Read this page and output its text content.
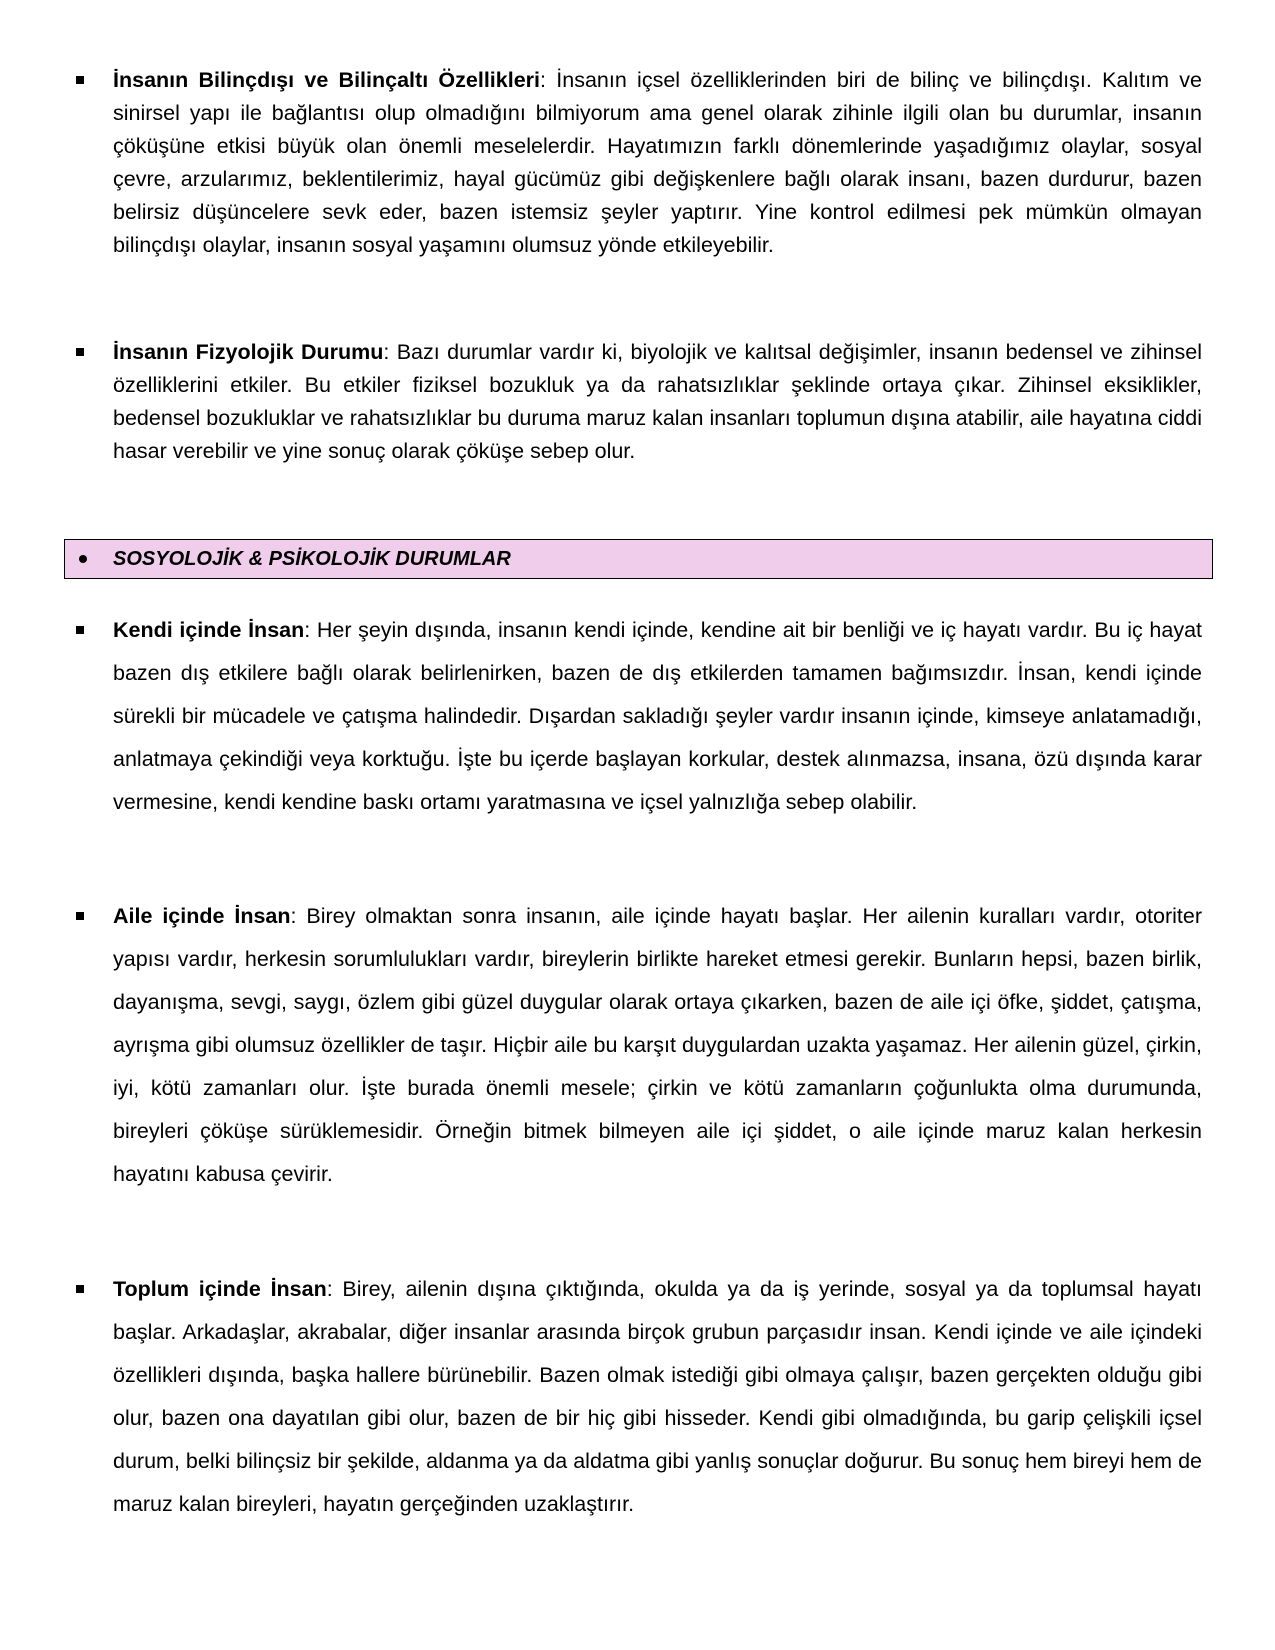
İnsanın Bilinçdışı ve Bilinçaltı Özellikleri: İnsanın içsel özelliklerinden biri de bilinç ve bilinçdışı. Kalıtım ve sinirsel yapı ile bağlantısı olup olmadığını bilmiyorum ama genel olarak zihinle ilgili olan bu durumlar, insanın çöküşüne etkisi büyük olan önemli meselelerdir. Hayatımızın farklı dönemlerinde yaşadığımız olaylar, sosyal çevre, arzularımız, beklentilerimiz, hayal gücümüz gibi değişkenlere bağlı olarak insanı, bazen durdurur, bazen belirsiz düşüncelere sevk eder, bazen istemsiz şeyler yaptırır. Yine kontrol edilmesi pek mümkün olmayan bilinçdışı olaylar, insanın sosyal yaşamını olumsuz yönde etkileyebilir.

İnsanın Fizyolojik Durumu: Bazı durumlar vardır ki, biyolojik ve kalıtsal değişimler, insanın bedensel ve zihinsel özelliklerini etkiler. Bu etkiler fiziksel bozukluk ya da rahatsızlıklar şeklinde ortaya çıkar. Zihinsel eksiklikler, bedensel bozukluklar ve rahatsızlıklar bu duruma maruz kalan insanları toplumun dışına atabilir, aile hayatına ciddi hasar verebilir ve yine sonuç olarak çöküşe sebep olur.

SOSYOLOJİK & PSİKOLOJİK DURUMLAR

Kendi içinde İnsan: Her şeyin dışında, insanın kendi içinde, kendine ait bir benliği ve iç hayatı vardır. Bu iç hayat bazen dış etkilere bağlı olarak belirlenirken, bazen de dış etkilerden tamamen bağımsızdır. İnsan, kendi içinde sürekli bir mücadele ve çatışma halindedir. Dışardan sakladığı şeyler vardır insanın içinde, kimseye anlatamadığı, anlatmaya çekindiği veya korktuğu. İşte bu içerde başlayan korkular, destek alınmazsa, insana, özü dışında karar vermesine, kendi kendine baskı ortamı yaratmasına ve içsel yalnızlığa sebep olabilir.

Aile içinde İnsan: Birey olmaktan sonra insanın, aile içinde hayatı başlar. Her ailenin kuralları vardır, otoriter yapısı vardır, herkesin sorumlulukları vardır, bireylerin birlikte hareket etmesi gerekir. Bunların hepsi, bazen birlik, dayanışma, sevgi, saygı, özlem gibi güzel duygular olarak ortaya çıkarken, bazen de aile içi öfke, şiddet, çatışma, ayrışma gibi olumsuz özellikler de taşır. Hiçbir aile bu karşıt duygulardan uzakta yaşamaz. Her ailenin güzel, çirkin, iyi, kötü zamanları olur. İşte burada önemli mesele; çirkin ve kötü zamanların çoğunlukta olma durumunda, bireyleri çöküşe sürüklemesidir. Örneğin bitmek bilmeyen aile içi şiddet, o aile içinde maruz kalan herkesin hayatını kabusa çevirir.

Toplum içinde İnsan: Birey, ailenin dışına çıktığında, okulda ya da iş yerinde, sosyal ya da toplumsal hayatı başlar. Arkadaşlar, akrabalar, diğer insanlar arasında birçok grubun parçasıdır insan. Kendi içinde ve aile içindeki özellikleri dışında, başka hallere bürünebilir. Bazen olmak istediği gibi olmaya çalışır, bazen gerçekten olduğu gibi olur, bazen ona dayatılan gibi olur, bazen de bir hiç gibi hisseder. Kendi gibi olmadığında, bu garip çelişkili içsel durum, belki bilinçsiz bir şekilde, aldanma ya da aldatma gibi yanlış sonuçlar doğurur. Bu sonuç hem bireyi hem de maruz kalan bireyleri, hayatın gerçeğinden uzaklaştırır.
